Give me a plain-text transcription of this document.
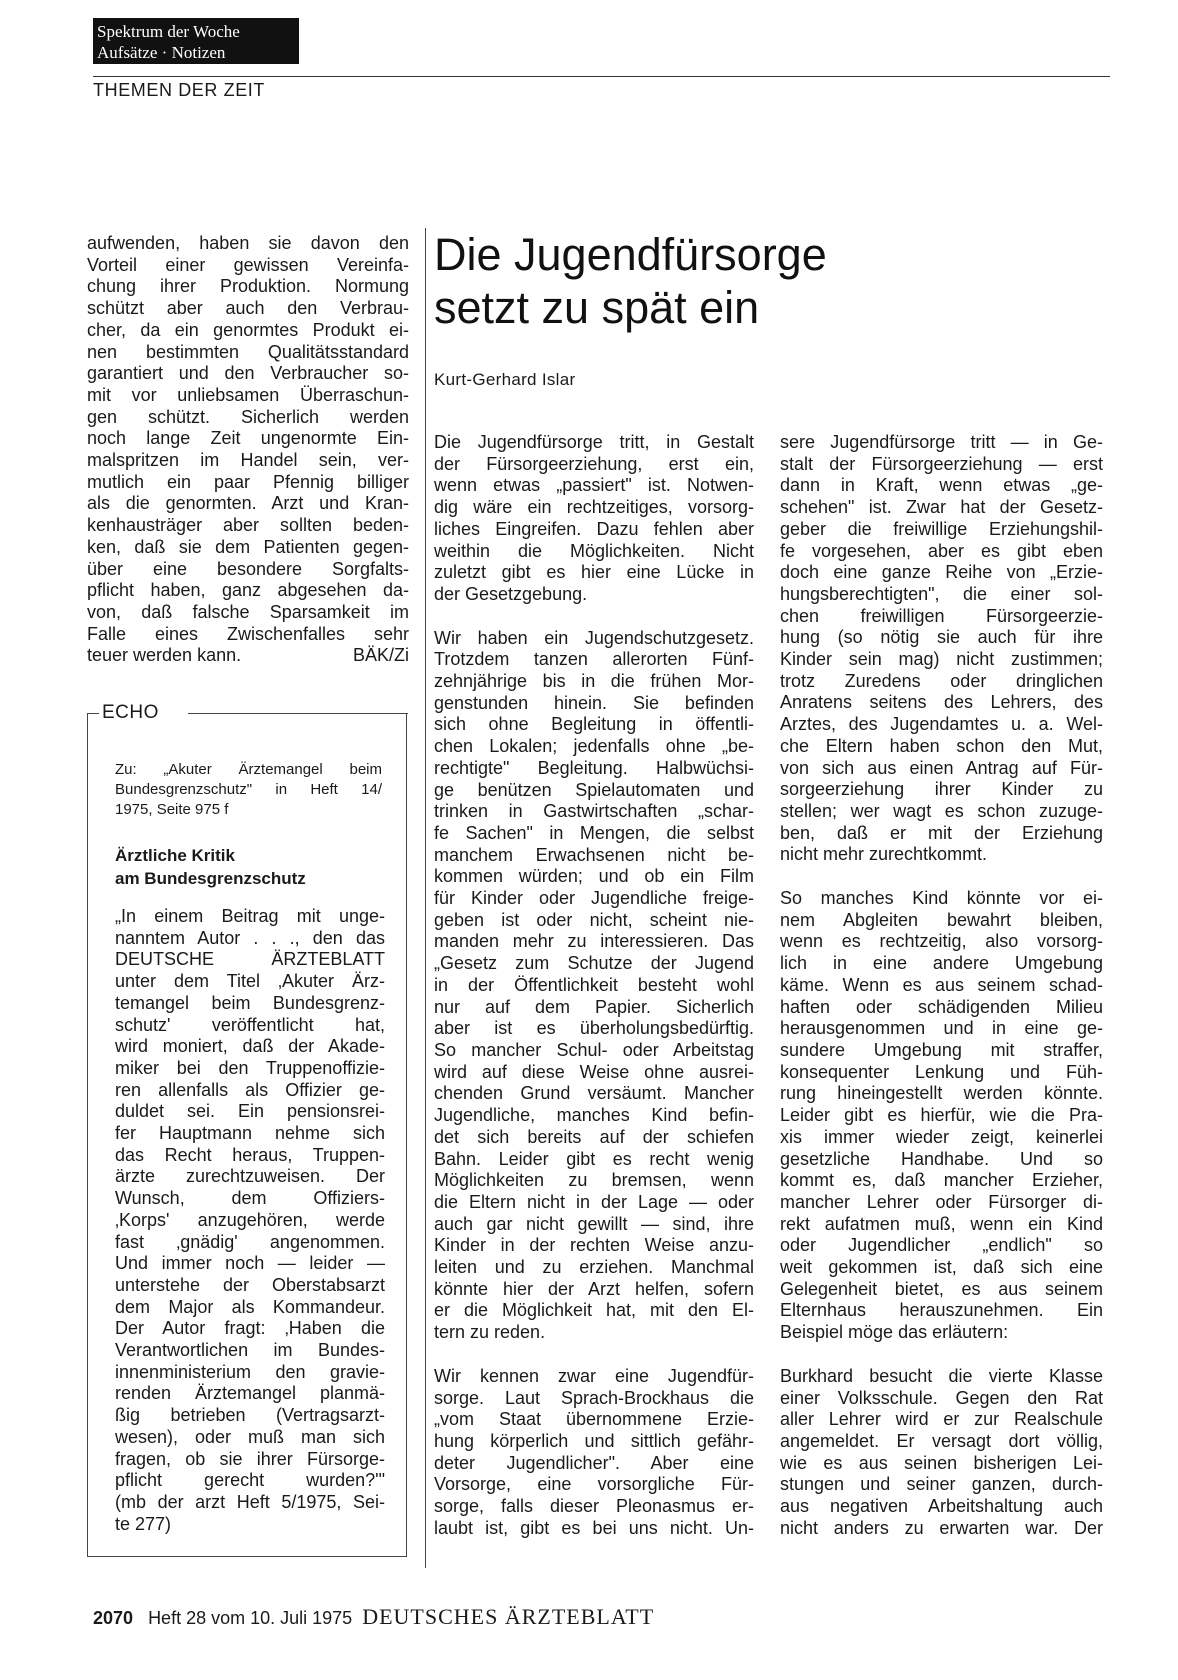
Spektrum der Woche
Aufsätze · Notizen
THEMEN DER ZEIT

aufwenden, haben sie davon den
Vorteil einer gewissen Vereinfa-
chung ihrer Produktion. Normung
schützt aber auch den Verbrau-
cher, da ein genormtes Produkt ei-
nen bestimmten Qualitätsstandard
garantiert und den Verbraucher so-
mit vor unliebsamen Überraschun-
gen schützt. Sicherlich werden
noch lange Zeit ungenormte Ein-
malspritzen im Handel sein, ver-
mutlich ein paar Pfennig billiger
als die genormten. Arzt und Kran-
kenhausträger aber sollten beden-
ken, daß sie dem Patienten gegen-
über eine besondere Sorgfalts-
pflicht haben, ganz abgesehen da-
von, daß falsche Sparsamkeit im
Falle eines Zwischenfalles sehr

teuer werden kann.	BÄK/Zi
ECHO
Zu: „Akuter Ärztemangel beim
Bundesgrenzschutz" in Heft 14/
1975, Seite 975 f
Ärztliche Kritik
am Bundesgrenzschutz

„In einem Beitrag mit unge-
nanntem Autor . . ., den das
DEUTSCHE ÄRZTEBLATT
unter dem Titel ‚Akuter Ärz-
temangel beim Bundesgrenz-
schutz' veröffentlicht hat,
wird moniert, daß der Akade-
miker bei den Truppenoffizie-
ren allenfalls als Offizier ge-
duldet sei. Ein pensionsrei-
fer Hauptmann nehme sich
das Recht heraus, Truppen-
ärzte zurechtzuweisen. Der
Wunsch, dem Offiziers-
‚Korps' anzugehören, werde
fast ‚gnädig' angenommen.
Und immer noch — leider —
unterstehe der Oberstabsarzt
dem Major als Kommandeur.
Der Autor fragt: ‚Haben die
Verantwortlichen im Bundes-
innenministerium den gravie-
renden Ärztemangel planmä-
ßig betrieben (Vertragsarzt-
wesen), oder muß man sich
fragen, ob sie ihrer Fürsorge-
pflicht gerecht wurden?'"
(mb der arzt Heft 5/1975, Sei-
te 277)

Die Jugendfürsorge
setzt zu spät ein
Kurt-Gerhard Islar

Die Jugendfürsorge tritt, in Gestalt
der Fürsorgeerziehung, erst ein,
wenn etwas „passiert" ist. Notwen-
dig wäre ein rechtzeitiges, vorsorg-
liches Eingreifen. Dazu fehlen aber
weithin die Möglichkeiten. Nicht
zuletzt gibt es hier eine Lücke in
der Gesetzgebung.

Wir haben ein Jugendschutzgesetz.
Trotzdem tanzen allerorten Fünf-
zehnjährige bis in die frühen Mor-
genstunden hinein. Sie befinden
sich ohne Begleitung in öffentli-
chen Lokalen; jedenfalls ohne „be-
rechtigte" Begleitung. Halbwüchsi-
ge benützen Spielautomaten und
trinken in Gastwirtschaften „schar-
fe Sachen" in Mengen, die selbst
manchem Erwachsenen nicht be-
kommen würden; und ob ein Film
für Kinder oder Jugendliche freige-
geben ist oder nicht, scheint nie-
manden mehr zu interessieren. Das
„Gesetz zum Schutze der Jugend
in der Öffentlichkeit besteht wohl
nur auf dem Papier. Sicherlich
aber ist es überholungsbedürftig.
So mancher Schul- oder Arbeitstag
wird auf diese Weise ohne ausrei-
chenden Grund versäumt. Mancher
Jugendliche, manches Kind befin-
det sich bereits auf der schiefen
Bahn. Leider gibt es recht wenig
Möglichkeiten zu bremsen, wenn
die Eltern nicht in der Lage — oder
auch gar nicht gewillt — sind, ihre
Kinder in der rechten Weise anzu-
leiten und zu erziehen. Manchmal
könnte hier der Arzt helfen, sofern
er die Möglichkeit hat, mit den El-
tern zu reden.

Wir kennen zwar eine Jugendfür-
sorge. Laut Sprach-Brockhaus die
„vom Staat übernommene Erzie-
hung körperlich und sittlich gefähr-
deter Jugendlicher". Aber eine
Vorsorge, eine vorsorgliche Für-
sorge, falls dieser Pleonasmus er-
laubt ist, gibt es bei uns nicht. Un-

sere Jugendfürsorge tritt — in Ge-
stalt der Fürsorgeerziehung — erst
dann in Kraft, wenn etwas „ge-
schehen" ist. Zwar hat der Gesetz-
geber die freiwillige Erziehungshil-
fe vorgesehen, aber es gibt eben
doch eine ganze Reihe von „Erzie-
hungsberechtigten", die einer sol-
chen freiwilligen Fürsorgeerzie-
hung (so nötig sie auch für ihre
Kinder sein mag) nicht zustimmen;
trotz Zuredens oder dringlichen
Anratens seitens des Lehrers, des
Arztes, des Jugendamtes u. a. Wel-
che Eltern haben schon den Mut,
von sich aus einen Antrag auf Für-
sorgeerziehung ihrer Kinder zu
stellen; wer wagt es schon zuzuge-
ben, daß er mit der Erziehung
nicht mehr zurechtkommt.

So manches Kind könnte vor ei-
nem Abgleiten bewahrt bleiben,
wenn es rechtzeitig, also vorsorg-
lich in eine andere Umgebung
käme. Wenn es aus seinem schad-
haften oder schädigenden Milieu
herausgenommen und in eine ge-
sundere Umgebung mit straffer,
konsequenter Lenkung und Füh-
rung hineingestellt werden könnte.
Leider gibt es hierfür, wie die Pra-
xis immer wieder zeigt, keinerlei
gesetzliche Handhabe. Und so
kommt es, daß mancher Erzieher,
mancher Lehrer oder Fürsorger di-
rekt aufatmen muß, wenn ein Kind
oder Jugendlicher „endlich" so
weit gekommen ist, daß sich eine
Gelegenheit bietet, es aus seinem
Elternhaus herauszunehmen. Ein
Beispiel möge das erläutern:

Burkhard besucht die vierte Klasse
einer Volksschule. Gegen den Rat
aller Lehrer wird er zur Realschule
angemeldet. Er versagt dort völlig,
wie es aus seinen bisherigen Lei-
stungen und seiner ganzen, durch-
aus negativen Arbeitshaltung auch
nicht anders zu erwarten war. Der

2070 Heft 28 vom 10. Juli 1975 DEUTSCHES ÄRZTEBLATT
